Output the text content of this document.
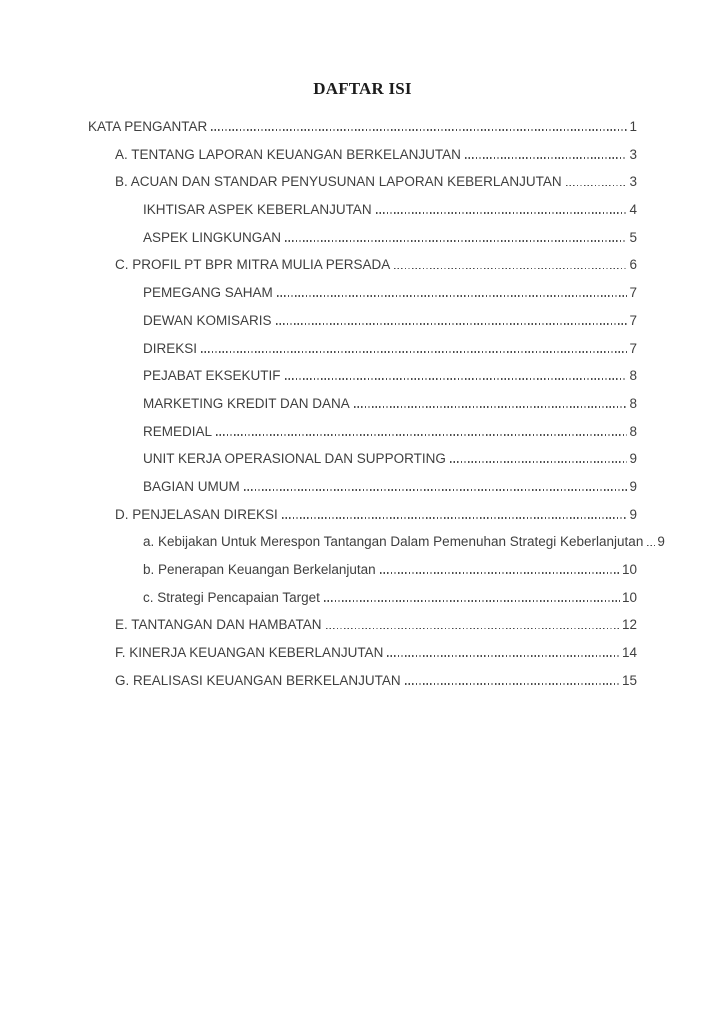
DAFTAR ISI
KATA PENGANTAR	1
A. TENTANG LAPORAN KEUANGAN BERKELANJUTAN	3
B. ACUAN DAN STANDAR PENYUSUNAN LAPORAN KEBERLANJUTAN	3
IKHTISAR ASPEK KEBERLANJUTAN	4
ASPEK LINGKUNGAN	5
C. PROFIL PT BPR MITRA MULIA PERSADA	6
PEMEGANG SAHAM	7
DEWAN KOMISARIS	7
DIREKSI	7
PEJABAT EKSEKUTIF	8
MARKETING KREDIT DAN DANA	8
REMEDIAL	8
UNIT KERJA OPERASIONAL DAN SUPPORTING	9
BAGIAN UMUM	9
D. PENJELASAN DIREKSI	9
a. Kebijakan Untuk Merespon Tantangan Dalam Pemenuhan Strategi Keberlanjutan 9
b. Penerapan Keuangan Berkelanjutan	10
c. Strategi Pencapaian Target	10
E. TANTANGAN DAN HAMBATAN	12
F. KINERJA KEUANGAN KEBERLANJUTAN	14
G. REALISASI KEUANGAN BERKELANJUTAN	15
